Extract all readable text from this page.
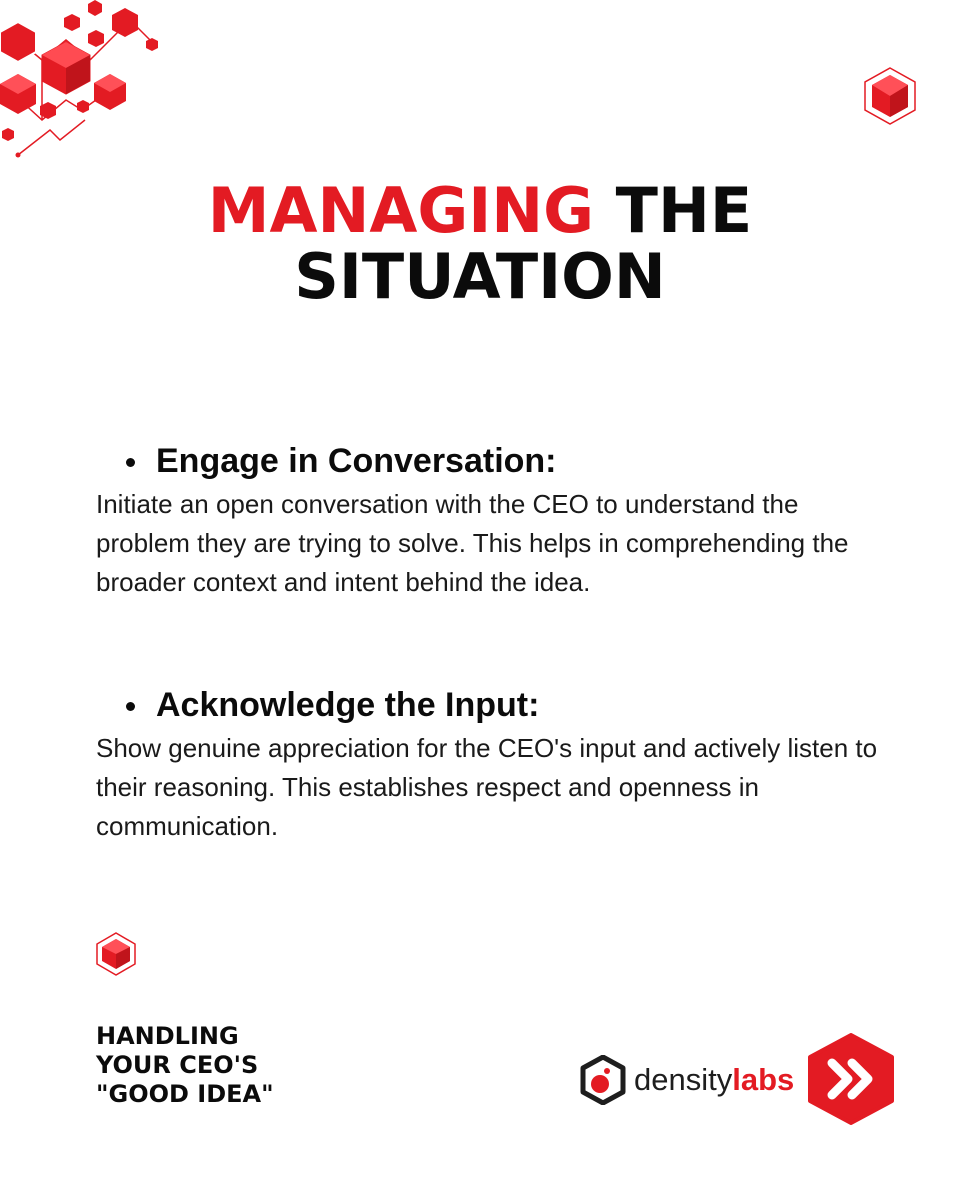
MANAGING THE
SITUATION
Engage in Conversation:

Initiate an open conversation with the CEO to understand the problem they are trying to solve. This helps in comprehending the broader context and intent behind the idea.

Acknowledge the Input:

Show genuine appreciation for the CEO's input and actively listen to their reasoning. This establishes respect and openness in communication.

HANDLING
YOUR CEO'S
"GOOD IDEA"	densitylabs
